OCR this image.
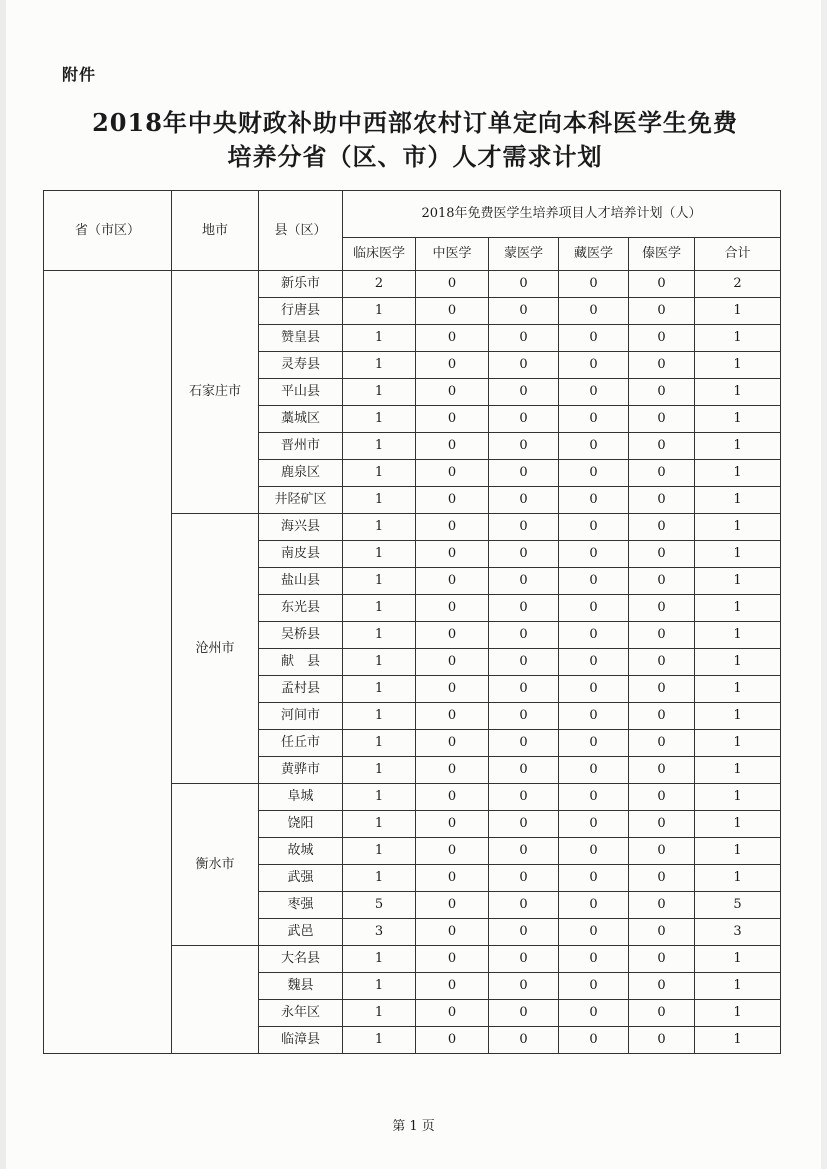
附件
2018年中央财政补助中西部农村订单定向本科医学生免费
培养分省（区、市）人才需求计划
省（市区）	地市	县（区）	2018年免费医学生培养项目人才培养计划（人）					
			临床医学	中医学	蒙医学	藏医学	傣医学	合计
	石家庄市	新乐市	2	0	0	0	0	2
		行唐县	1	0	0	0	0	1
		赞皇县	1	0	0	0	0	1
		灵寿县	1	0	0	0	0	1
		平山县	1	0	0	0	0	1
		藁城区	1	0	0	0	0	1
		晋州市	1	0	0	0	0	1
		鹿泉区	1	0	0	0	0	1
		井陉矿区	1	0	0	0	0	1
	沧州市	海兴县	1	0	0	0	0	1
		南皮县	1	0	0	0	0	1
		盐山县	1	0	0	0	0	1
		东光县	1	0	0	0	0	1
		吴桥县	1	0	0	0	0	1
		献　县	1	0	0	0	0	1
		孟村县	1	0	0	0	0	1
		河间市	1	0	0	0	0	1
		任丘市	1	0	0	0	0	1
		黄骅市	1	0	0	0	0	1
	衡水市	阜城	1	0	0	0	0	1
		饶阳	1	0	0	0	0	1
		故城	1	0	0	0	0	1
		武强	1	0	0	0	0	1
		枣强	5	0	0	0	0	5
		武邑	3	0	0	0	0	3
		大名县	1	0	0	0	0	1
		魏县	1	0	0	0	0	1
		永年区	1	0	0	0	0	1
		临漳县	1	0	0	0	0	1
第 1 页
